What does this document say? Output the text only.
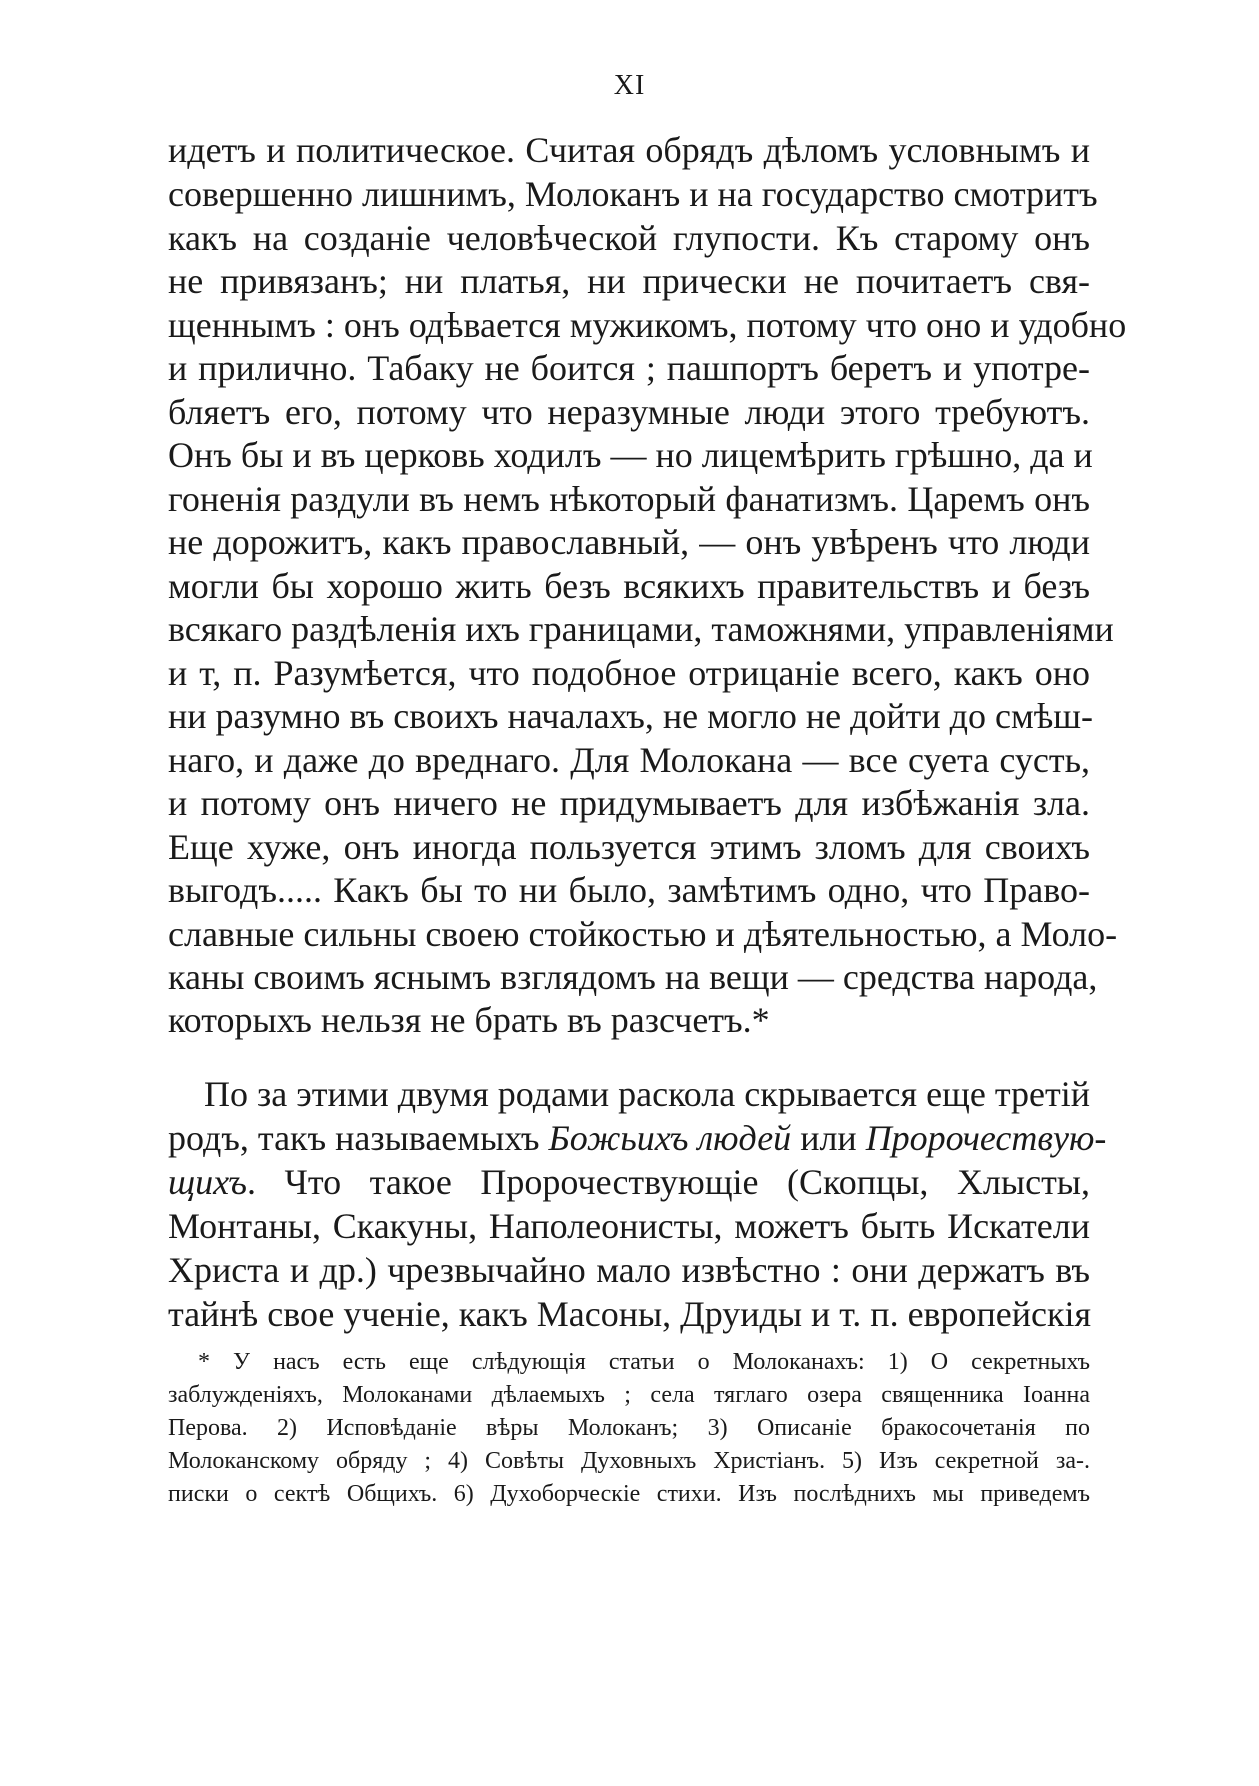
XI
идетъ и политическое. Считая обрядъ дѣломъ условнымъ и
совершенно лишнимъ, Молоканъ и на государство смотритъ
какъ на созданіе человѣческой глупости. Къ старому онъ
не привязанъ; ни платья, ни прически не почитаетъ свя-
щеннымъ : онъ одѣвается мужикомъ, потому что оно и удобно
и прилично. Табаку не боится ; пашпортъ беретъ и употре-
бляетъ его, потому что неразумные люди этого требуютъ.
Онъ бы и въ церковь ходилъ — но лицемѣрить грѣшно, да и
гоненія раздули въ немъ нѣкоторый фанатизмъ. Царемъ онъ
не дорожитъ, какъ православный, — онъ увѣренъ что люди
могли бы хорошо жить безъ всякихъ правительствъ и безъ
всякаго раздѣленія ихъ границами, таможнями, управленіями
и т, п. Разумѣется, что подобное отрицаніе всего, какъ оно
ни разумно въ своихъ началахъ, не могло не дойти до смѣш-
наго, и даже до вреднаго. Для Молокана — все суета сусть,
и потому онъ ничего не придумываетъ для избѣжанія зла.
Еще хуже, онъ иногда пользуется этимъ зломъ для своихъ
выгодъ..... Какъ бы то ни было, замѣтимъ одно, что Право-
славные сильны своею стойкостью и дѣятельностью, а Моло-
каны своимъ яснымъ взглядомъ на вещи — средства народа,
которыхъ нельзя не брать въ разсчетъ.*
По за этими двумя родами раскола скрывается еще третій
родъ, такъ называемыхъ Божьихъ людей или Пророчествую-
щихъ. Что такое Пророчествующіе (Скопцы, Хлысты,
Монтаны, Скакуны, Наполеонисты, можетъ быть Искатели
Христа и др.) чрезвычайно мало извѣстно : они держатъ въ
тайнѣ свое ученіе, какъ Масоны, Друиды и т. п. европейскія
* У насъ есть еще слѣдующія статьи о Молоканахъ: 1) О секретныхъ
заблужденіяхъ, Молоканами дѣлаемыхъ ; села тяглаго озера священника Іоанна
Перова. 2) Исповѣданіе вѣры Молоканъ; 3) Описаніе бракосочетанія по
Молоканскому обряду ; 4) Совѣты Духовныхъ Христіанъ. 5) Изъ секретной за-.
писки о сектѣ Общихъ. 6) Духоборческіе стихи. Изъ послѣднихъ мы приведемъ
